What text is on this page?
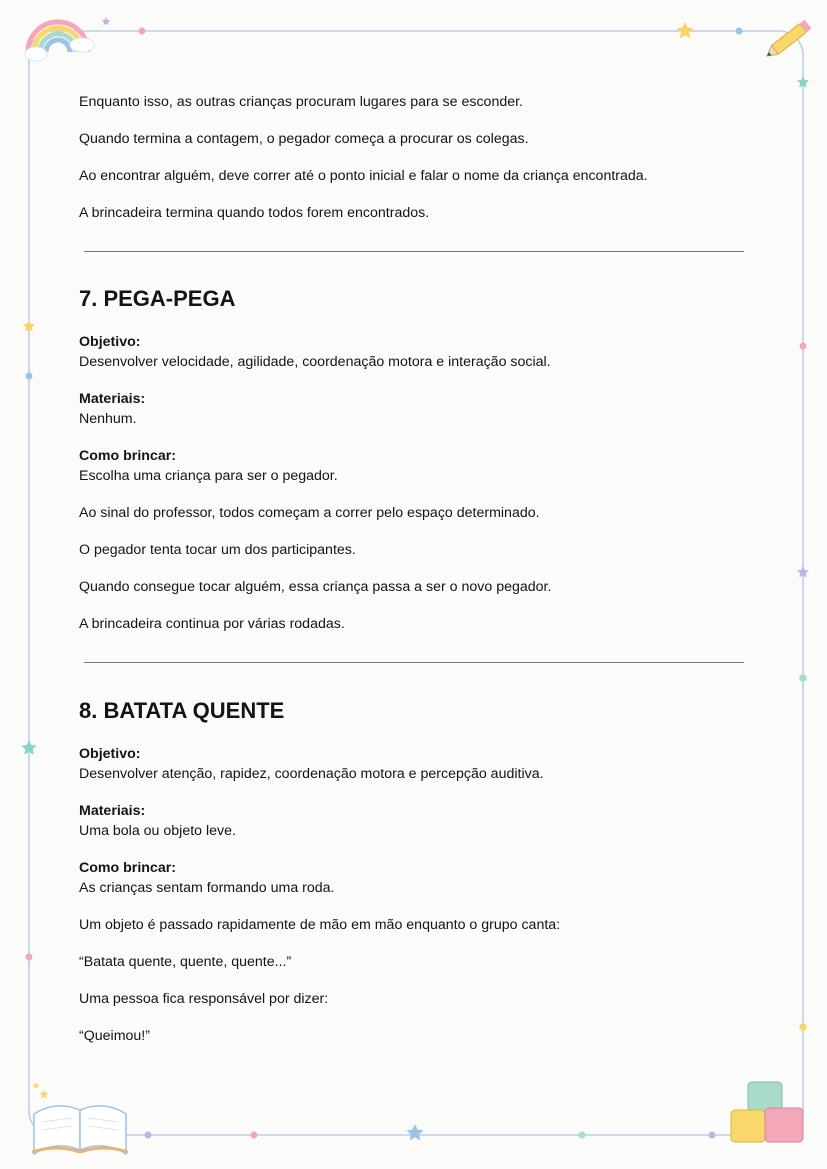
Enquanto isso, as outras crianças procuram lugares para se esconder.

Quando termina a contagem, o pegador começa a procurar os colegas.

Ao encontrar alguém, deve correr até o ponto inicial e falar o nome da criança encontrada.

A brincadeira termina quando todos forem encontrados.

7. PEGA-PEGA

Objetivo:

Desenvolver velocidade, agilidade, coordenação motora e interação social.

Materiais:

Nenhum.

Como brincar:

Escolha uma criança para ser o pegador.

Ao sinal do professor, todos começam a correr pelo espaço determinado.

O pegador tenta tocar um dos participantes.

Quando consegue tocar alguém, essa criança passa a ser o novo pegador.

A brincadeira continua por várias rodadas.

8. BATATA QUENTE

Objetivo:

Desenvolver atenção, rapidez, coordenação motora e percepção auditiva.

Materiais:

Uma bola ou objeto leve.

Como brincar:

As crianças sentam formando uma roda.

Um objeto é passado rapidamente de mão em mão enquanto o grupo canta:

“Batata quente, quente, quente...”

Uma pessoa fica responsável por dizer:

“Queimou!”
